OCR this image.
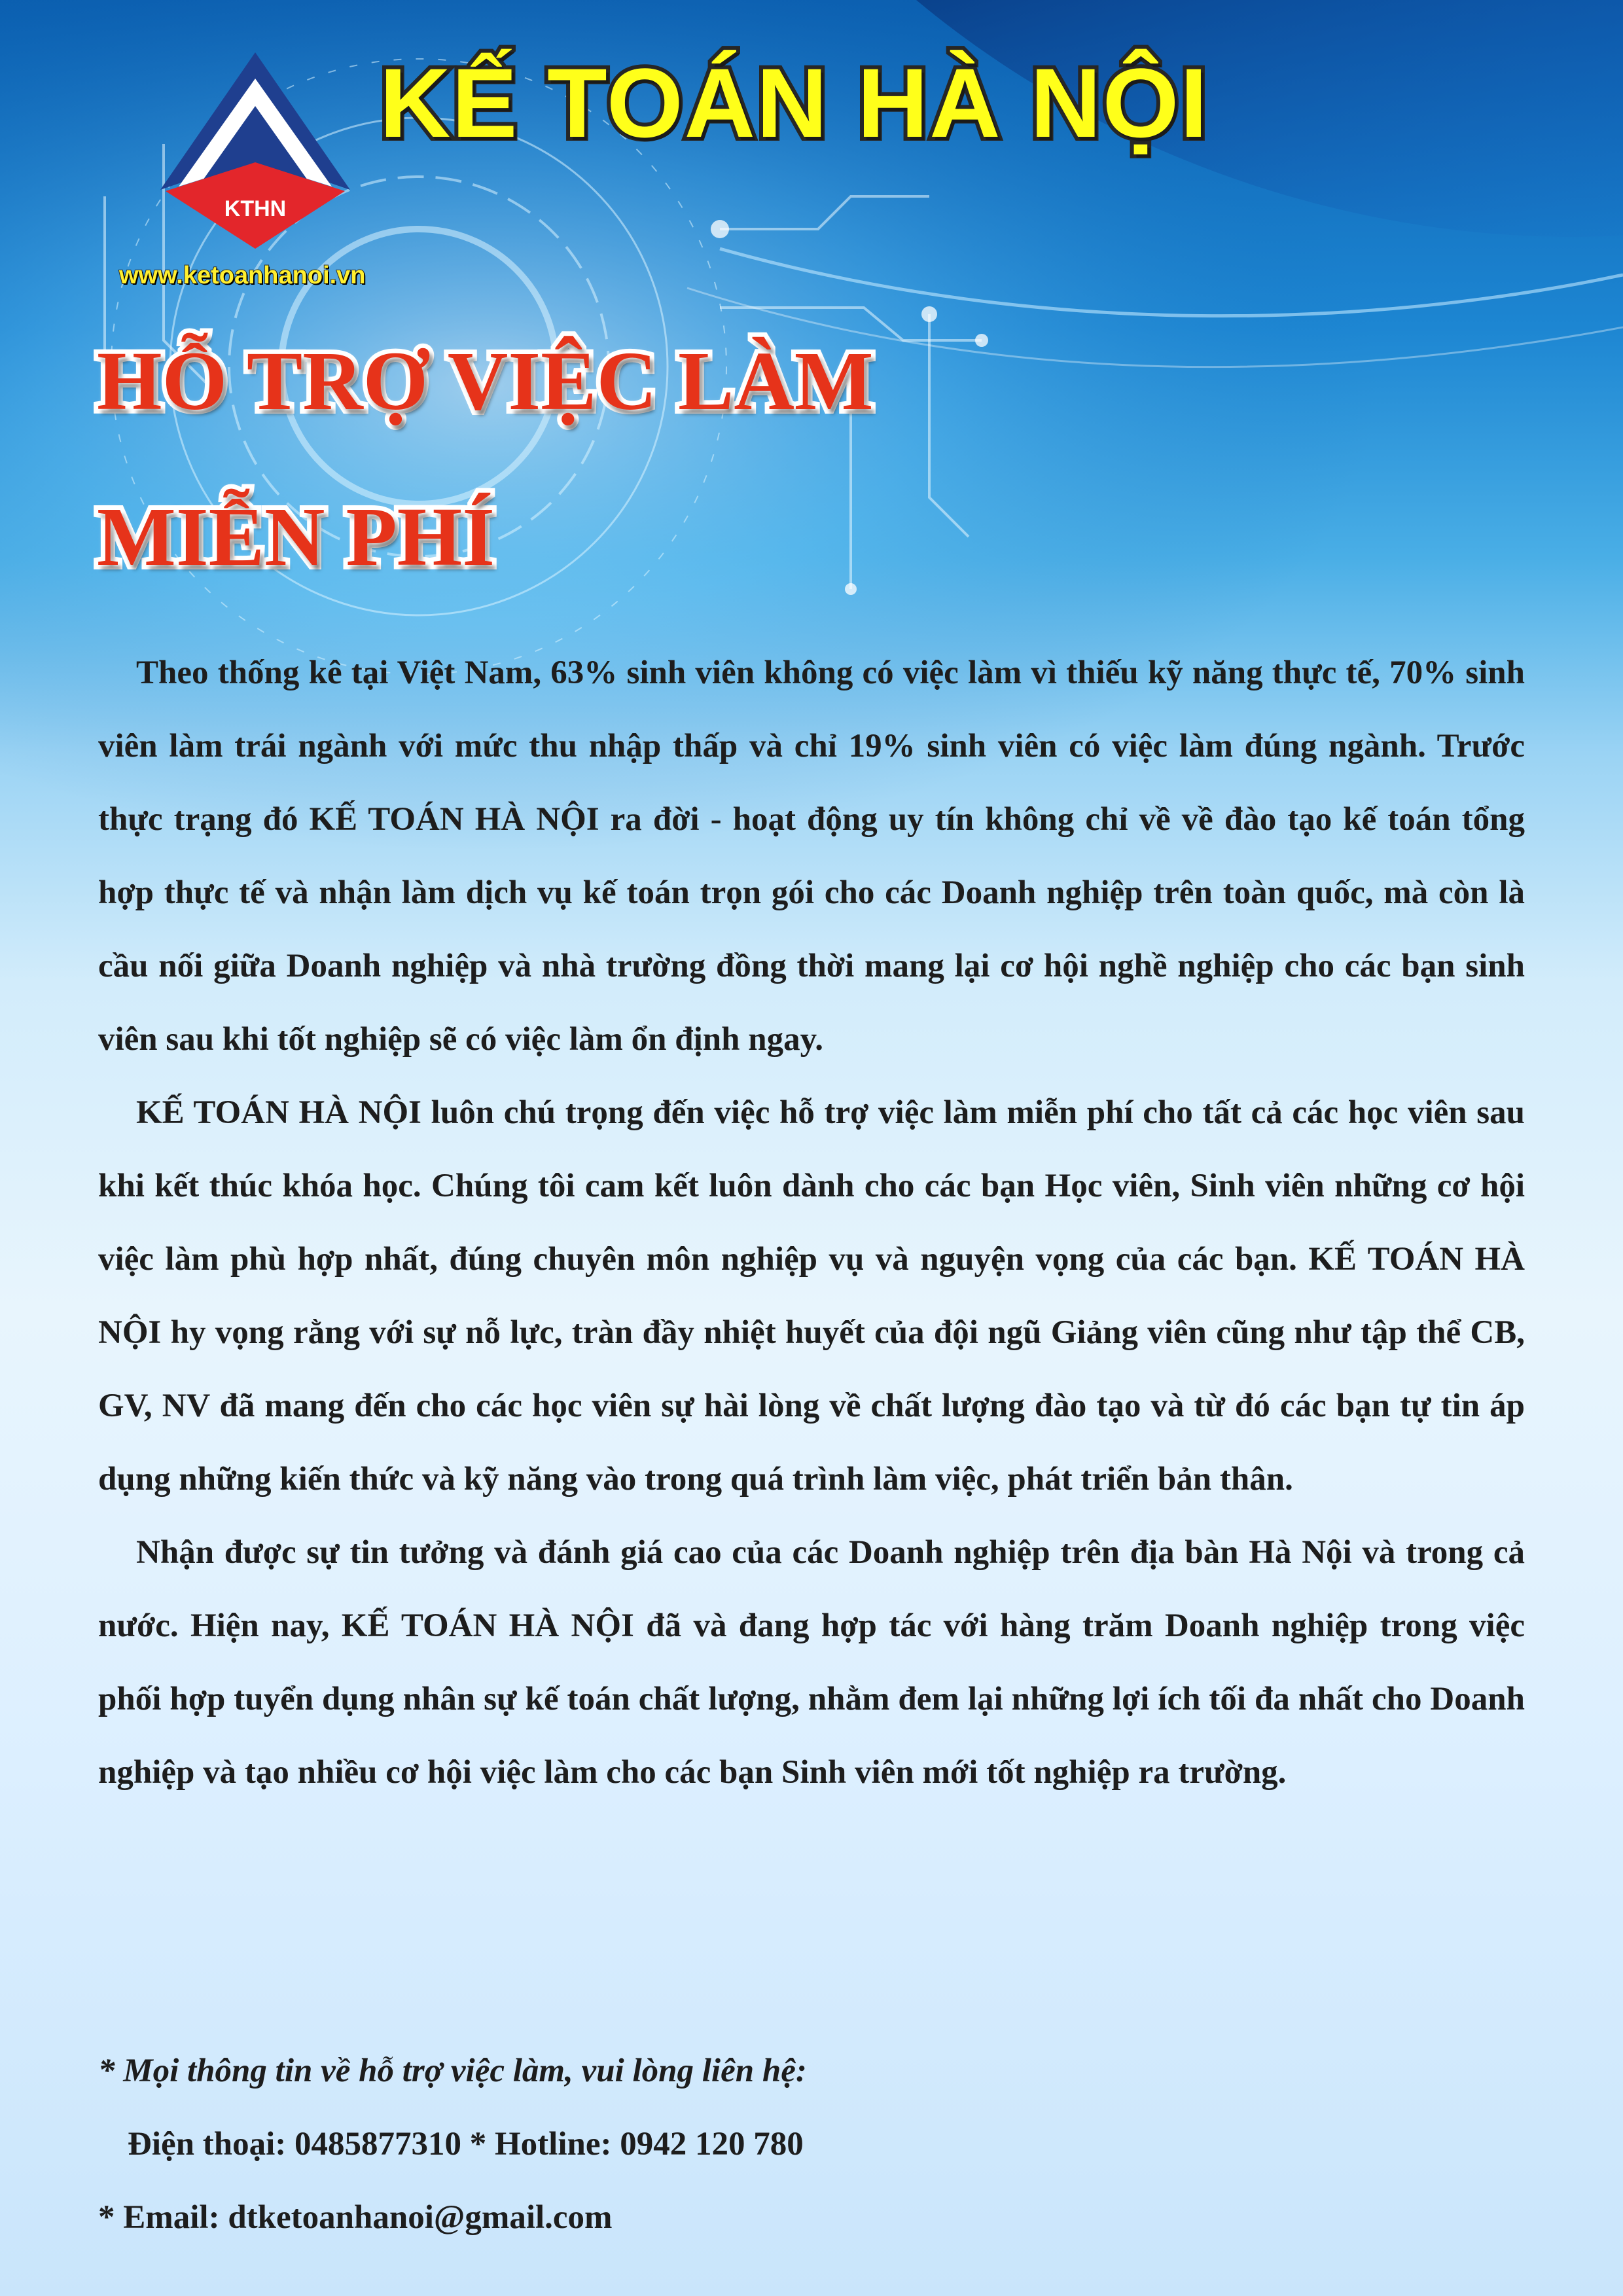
KTHN
www.ketoanhanoi.vn
KẾ TOÁN HÀ NỘI
HỖ TRỢ VIỆC LÀM
MIỄN PHÍ

Theo thống kê tại Việt Nam, 63% sinh viên không có việc làm vì thiếu kỹ năng thực tế, 70% sinh viên làm trái ngành với mức thu nhập thấp và chỉ 19% sinh viên có việc làm đúng ngành. Trước thực trạng đó KẾ TOÁN HÀ NỘI ra đời - hoạt động uy tín không chỉ về về đào tạo kế toán tổng hợp thực tế và nhận làm dịch vụ kế toán trọn gói cho các Doanh nghiệp trên toàn quốc, mà còn là cầu nối giữa Doanh nghiệp và nhà trường đồng thời mang lại cơ hội nghề nghiệp cho các bạn sinh viên sau khi tốt nghiệp sẽ có việc làm ổn định ngay.

KẾ TOÁN HÀ NỘI luôn chú trọng đến việc hỗ trợ việc làm miễn phí cho tất cả các học viên sau khi kết thúc khóa học. Chúng tôi cam kết luôn dành cho các bạn Học viên, Sinh viên những cơ hội việc làm phù hợp nhất, đúng chuyên môn nghiệp vụ và nguyện vọng của các bạn. KẾ TOÁN HÀ NỘI hy vọng rằng với sự nỗ lực, tràn đầy nhiệt huyết của đội ngũ Giảng viên cũng như tập thể CB, GV, NV đã mang đến cho các học viên sự hài lòng về chất lượng đào tạo và từ đó các bạn tự tin áp dụng những kiến thức và kỹ năng vào trong quá trình làm việc, phát triển bản thân.

Nhận được sự tin tưởng và đánh giá cao của các Doanh nghiệp trên địa bàn Hà Nội và trong cả nước. Hiện nay, KẾ TOÁN HÀ NỘI đã và đang hợp tác với hàng trăm Doanh nghiệp trong việc phối hợp tuyển dụng nhân sự kế toán chất lượng, nhằm đem lại những lợi ích tối đa nhất cho Doanh nghiệp và tạo nhiều cơ hội việc làm cho các bạn Sinh viên mới tốt nghiệp ra trường.

* Mọi thông tin về hỗ trợ việc làm, vui lòng liên hệ:
Điện thoại: 0485877310 * Hotline: 0942 120 780
* Email: dtketoanhanoi@gmail.com
